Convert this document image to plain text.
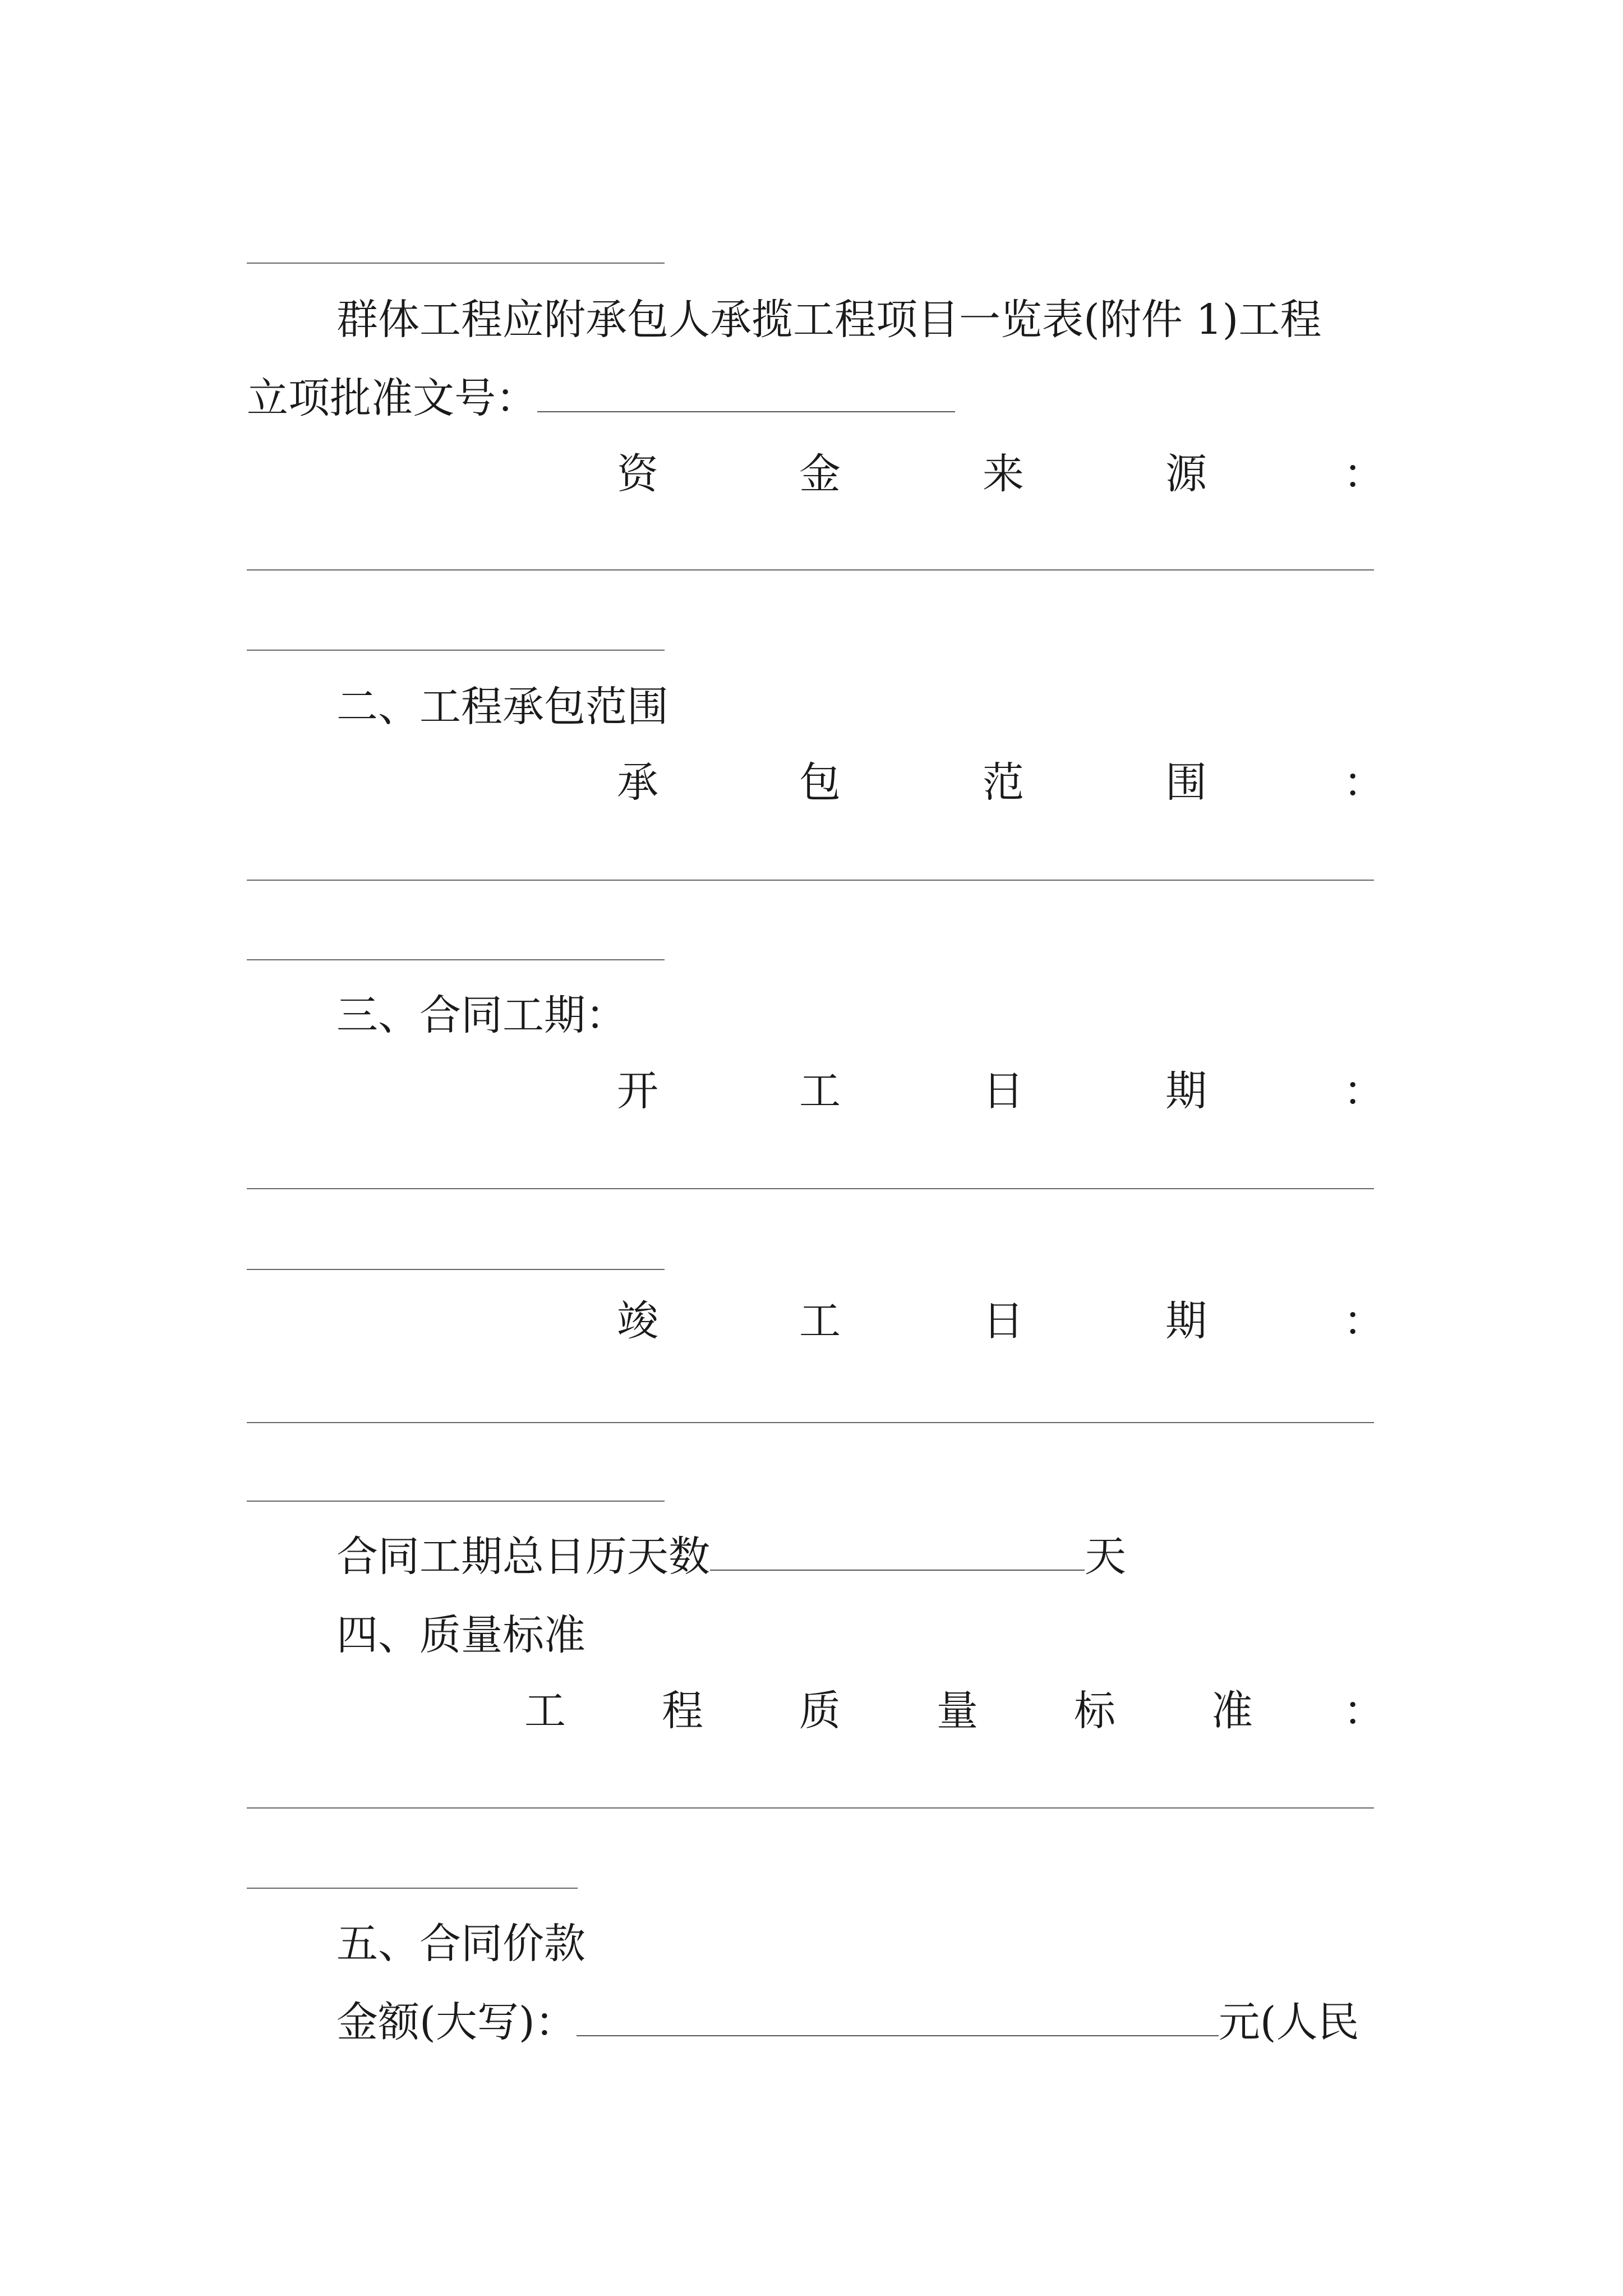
群体工程应附承包人承揽工程项目一览表(附件 1)工程
立项批准文号：
资	金	来	源	：
二、工程承包范围
承	包	范	围	：
三、合同工期：
开	工	日	期	：
竣	工	日	期	：
合同工期总日历天数	天
四、质量标准
工 程 质 量 标 准 ：
五、合同价款
金额(大写)：	元(人民
